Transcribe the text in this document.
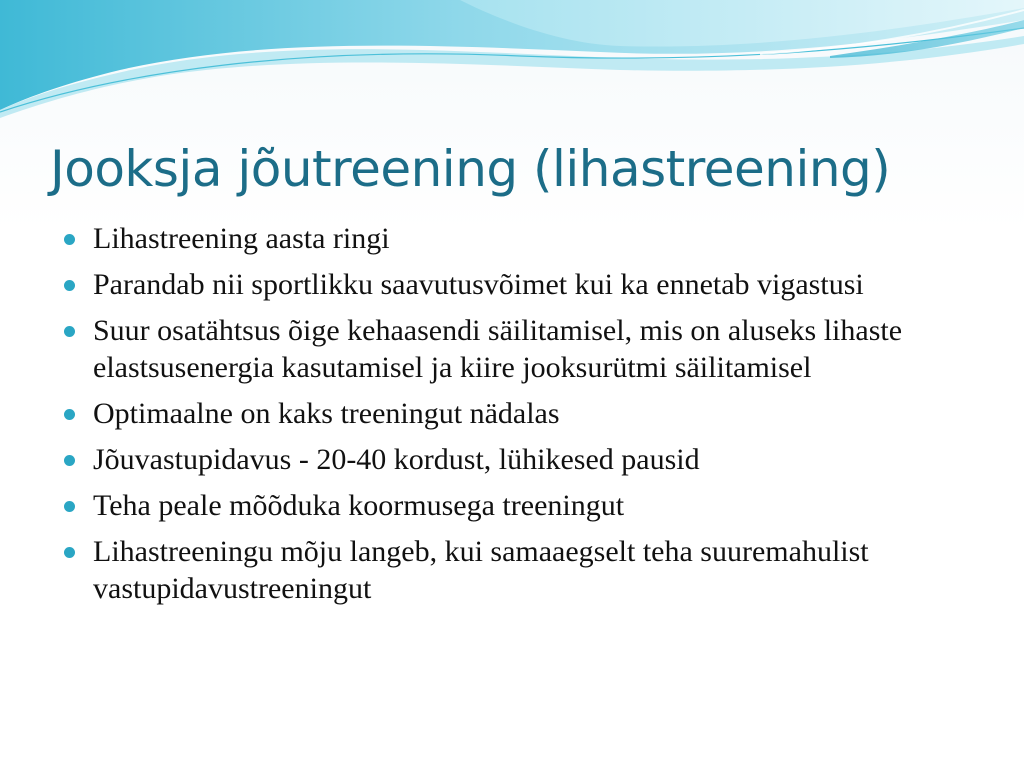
Jooksja jõutreening (lihastreening)
Lihastreening aasta ringi
Parandab nii sportlikku saavutusvõimet kui ka ennetab vigastusi
Suur osatähtsus õige kehaasendi säilitamisel, mis on aluseks lihaste elastsusenergia kasutamisel ja kiire jooksurütmi säilitamisel
Optimaalne on kaks treeningut nädalas
Jõuvastupidavus - 20-40 kordust, lühikesed pausid
Teha peale mõõduka koormusega treeningut
Lihastreeningu mõju langeb, kui samaaegselt teha suuremahulist vastupidavustreeningut
